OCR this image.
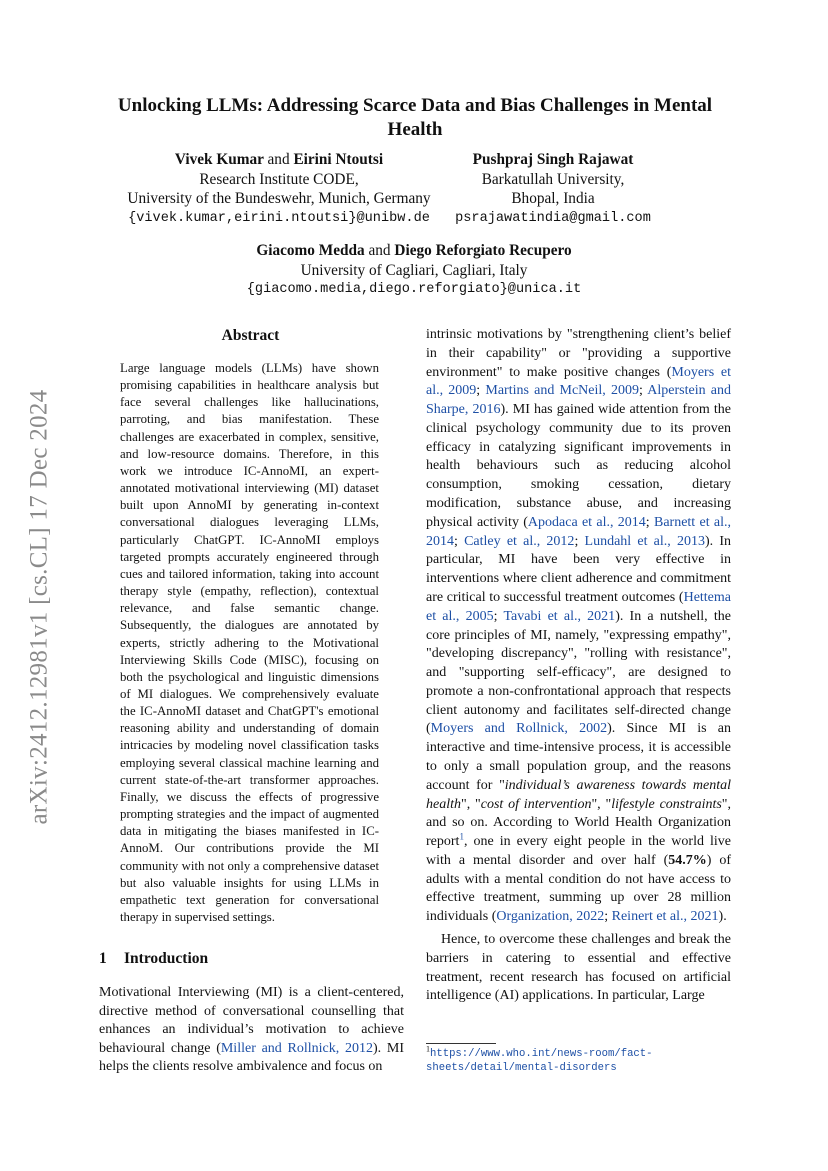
arXiv:2412.12981v1 [cs.CL] 17 Dec 2024
Unlocking LLMs: Addressing Scarce Data and Bias Challenges in Mental Health
Vivek Kumar and Eirini Ntoutsi
Research Institute CODE,
University of the Bundeswehr, Munich, Germany
{vivek.kumar,eirini.ntoutsi}@unibw.de
Pushpraj Singh Rajawat
Barkatullah University,
Bhopal, India
psrajawatindia@gmail.com
Giacomo Medda and Diego Reforgiato Recupero
University of Cagliari, Cagliari, Italy
{giacomo.media,diego.reforgiato}@unica.it
Abstract
Large language models (LLMs) have shown promising capabilities in healthcare analysis but face several challenges like hallucinations, parroting, and bias manifestation. These challenges are exacerbated in complex, sensitive, and low-resource domains. Therefore, in this work we introduce IC-AnnoMI, an expert-annotated motivational interviewing (MI) dataset built upon AnnoMI by generating in-context conversational dialogues leveraging LLMs, particularly ChatGPT. IC-AnnoMI employs targeted prompts accurately engineered through cues and tailored information, taking into account therapy style (empathy, reflection), contextual relevance, and false semantic change. Subsequently, the dialogues are annotated by experts, strictly adhering to the Motivational Interviewing Skills Code (MISC), focusing on both the psychological and linguistic dimensions of MI dialogues. We comprehensively evaluate the IC-AnnoMI dataset and ChatGPT's emotional reasoning ability and understanding of domain intricacies by modeling novel classification tasks employing several classical machine learning and current state-of-the-art transformer approaches. Finally, we discuss the effects of progressive prompting strategies and the impact of augmented data in mitigating the biases manifested in IC-AnnoM. Our contributions provide the MI community with not only a comprehensive dataset but also valuable insights for using LLMs in empathetic text generation for conversational therapy in supervised settings.
1 Introduction
Motivational Interviewing (MI) is a client-centered, directive method of conversational counselling that enhances an individual’s motivation to achieve behavioural change (Miller and Rollnick, 2012). MI helps the clients resolve ambivalence and focus on

intrinsic motivations by "strengthening client’s belief in their capability" or "providing a supportive environment" to make positive changes (Moyers et al., 2009; Martins and McNeil, 2009; Alperstein and Sharpe, 2016). MI has gained wide attention from the clinical psychology community due to its proven efficacy in catalyzing significant improvements in health behaviours such as reducing alcohol consumption, smoking cessation, dietary modification, substance abuse, and increasing physical activity (Apodaca et al., 2014; Barnett et al., 2014; Catley et al., 2012; Lundahl et al., 2013). In particular, MI have been very effective in interventions where client adherence and commitment are critical to successful treatment outcomes (Hettema et al., 2005; Tavabi et al., 2021). In a nutshell, the core principles of MI, namely, "expressing empathy", "developing discrepancy", "rolling with resistance", and "supporting self-efficacy", are designed to promote a non-confrontational approach that respects client autonomy and facilitates self-directed change (Moyers and Rollnick, 2002). Since MI is an interactive and time-intensive process, it is accessible to only a small population group, and the reasons account for "individual’s awareness towards mental health", "cost of intervention", "lifestyle constraints", and so on. According to World Health Organization report$^1$, one in every eight people in the world live with a mental disorder and over half (54.7%) of adults with a mental condition do not have access to effective treatment, summing up over 28 million individuals (Organization, 2022; Reinert et al., 2021).

Hence, to overcome these challenges and break the barriers in catering to essential and effective treatment, recent research has focused on artificial intelligence (AI) applications. In particular, Large

$^1$https://www.who.int/news-room/fact-sheets/detail/mental-disorders
